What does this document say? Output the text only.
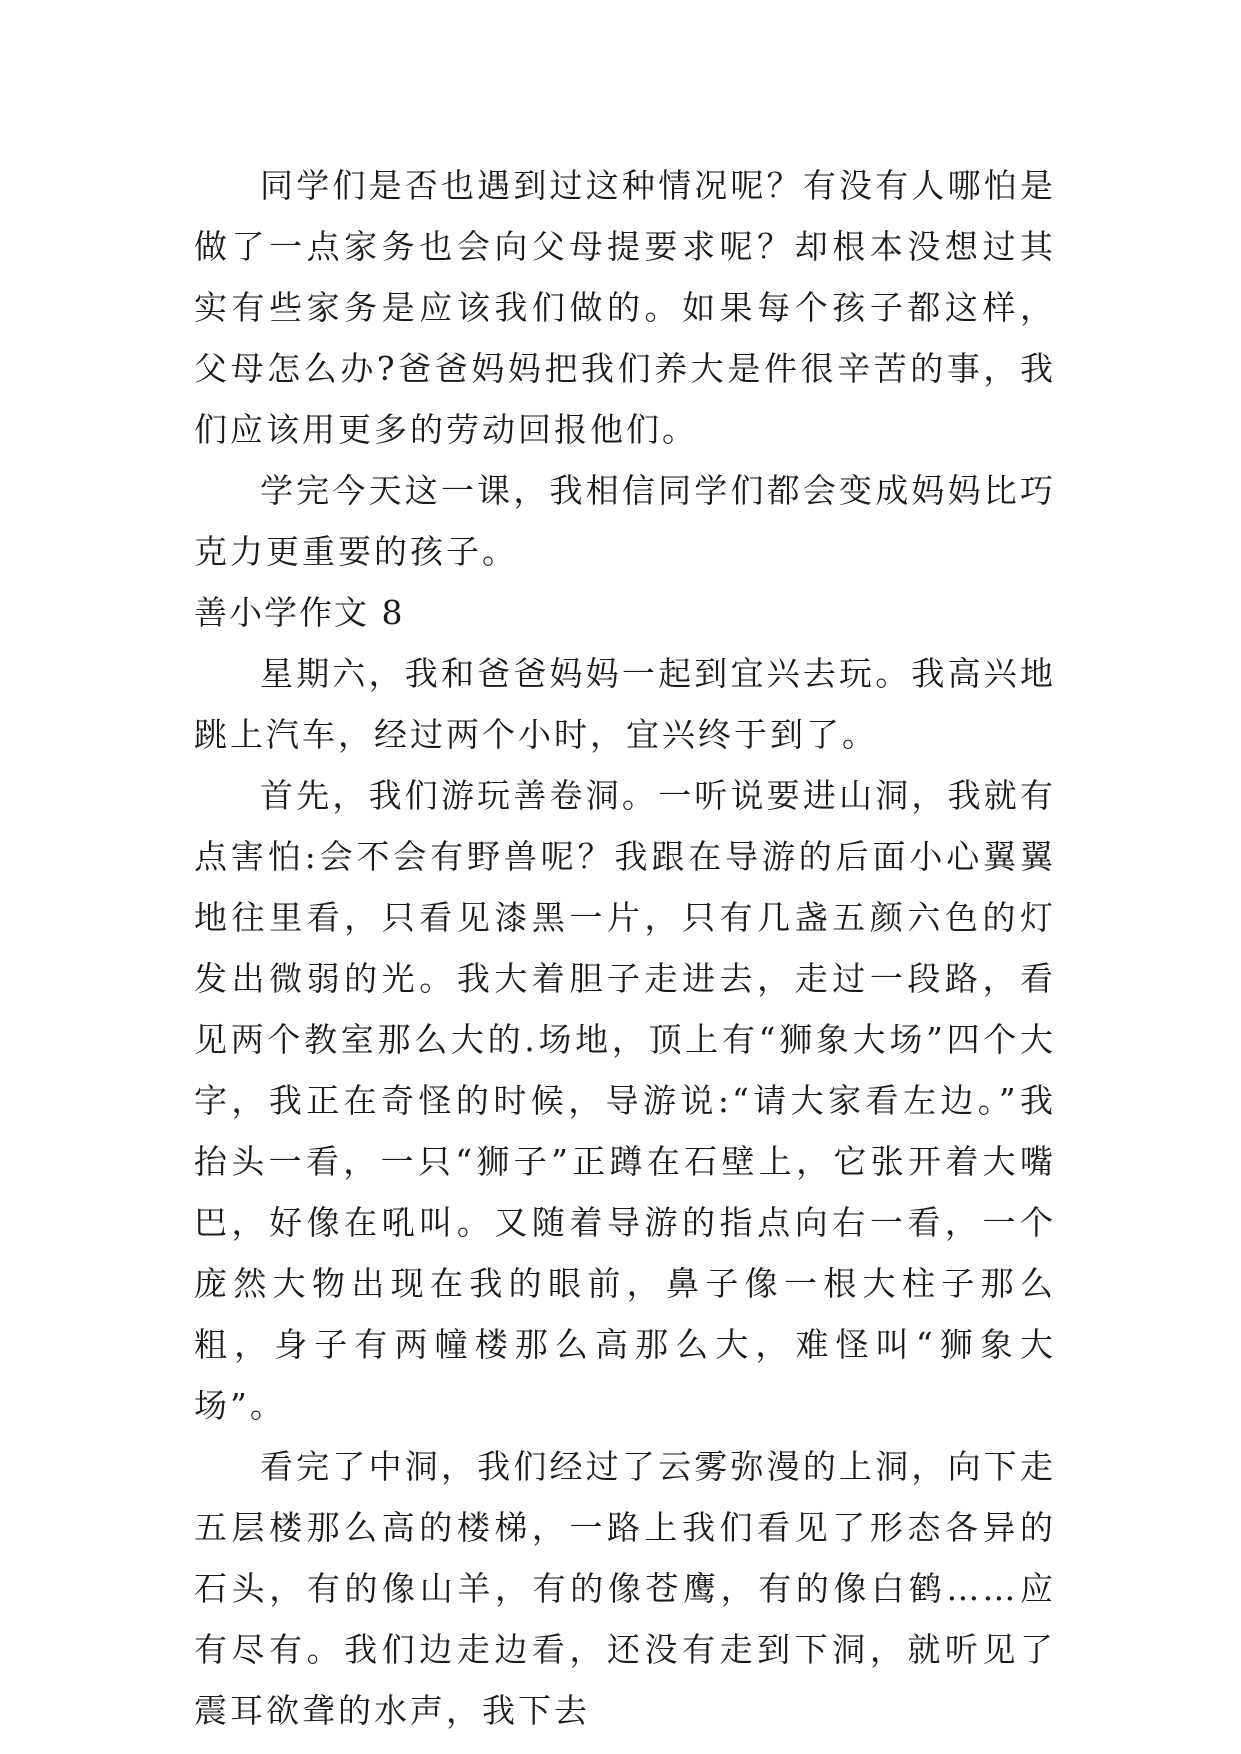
同学们是否也遇到过这种情况呢？有没有人哪怕是做了一点家务也会向父母提要求呢？却根本没想过其实有些家务是应该我们做的。如果每个孩子都这样，父母怎么办?爸爸妈妈把我们养大是件很辛苦的事，我们应该用更多的劳动回报他们。

学完今天这一课，我相信同学们都会变成妈妈比巧克力更重要的孩子。

善小学作文 8

星期六，我和爸爸妈妈一起到宜兴去玩。我高兴地跳上汽车，经过两个小时，宜兴终于到了。

首先，我们游玩善卷洞。一听说要进山洞，我就有点害怕:会不会有野兽呢？我跟在导游的后面小心翼翼地往里看，只看见漆黑一片，只有几盏五颜六色的灯发出微弱的光。我大着胆子走进去，走过一段路，看见两个教室那么大的.场地，顶上有“狮象大场”四个大字，我正在奇怪的时候，导游说:“请大家看左边。”我抬头一看，一只“狮子”正蹲在石壁上，它张开着大嘴巴，好像在吼叫。又随着导游的指点向右一看，一个庞然大物出现在我的眼前，鼻子像一根大柱子那么粗，身子有两幢楼那么高那么大，难怪叫“狮象大场”。

看完了中洞，我们经过了云雾弥漫的上洞，向下走五层楼那么高的楼梯，一路上我们看见了形态各异的石头，有的像山羊，有的像苍鹰，有的像白鹤……应有尽有。我们边走边看，还没有走到下洞，就听见了震耳欲聋的水声，我下去
